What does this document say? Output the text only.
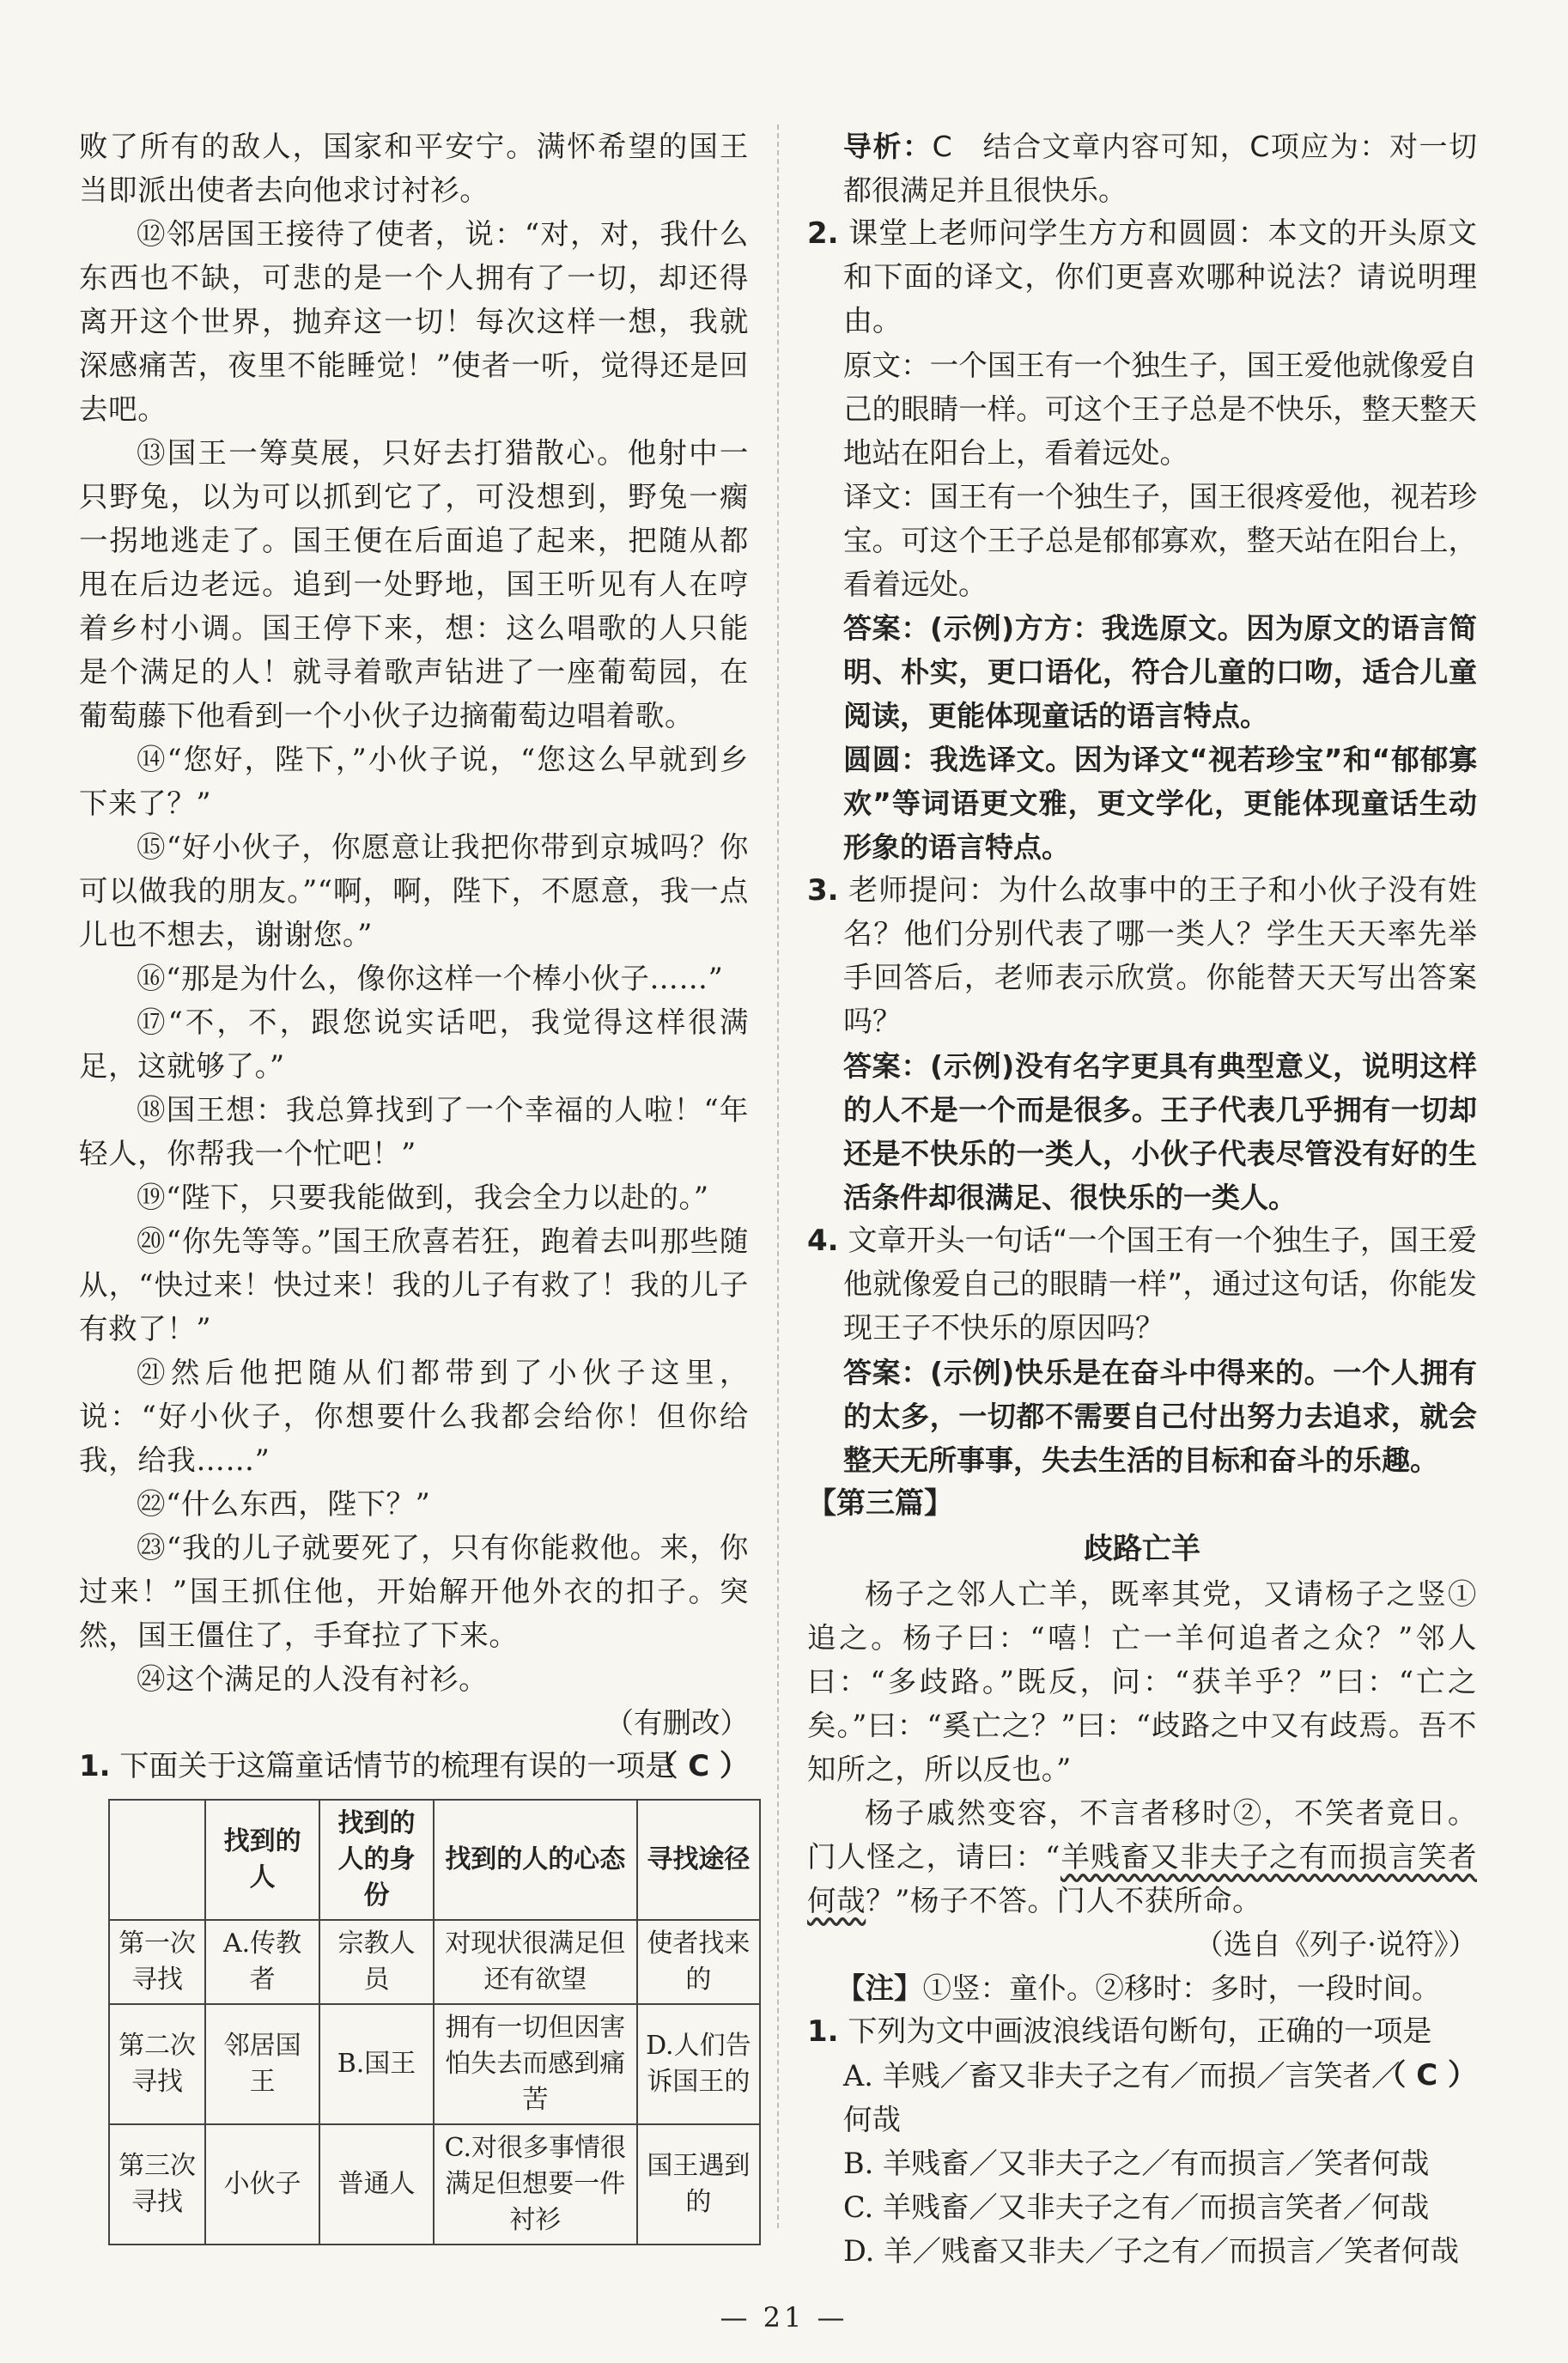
败了所有的敌人，国家和平安宁。满怀希望的国王当即派出使者去向他求讨衬衫。

⑫邻居国王接待了使者，说：“对，对，我什么东西也不缺，可悲的是一个人拥有了一切，却还得离开这个世界，抛弃这一切！每次这样一想，我就深感痛苦，夜里不能睡觉！”使者一听，觉得还是回去吧。

⑬国王一筹莫展，只好去打猎散心。他射中一只野兔，以为可以抓到它了，可没想到，野兔一瘸一拐地逃走了。国王便在后面追了起来，把随从都甩在后边老远。追到一处野地，国王听见有人在哼着乡村小调。国王停下来，想：这么唱歌的人只能是个满足的人！就寻着歌声钻进了一座葡萄园，在葡萄藤下他看到一个小伙子边摘葡萄边唱着歌。

⑭“您好，陛下，”小伙子说，“您这么早就到乡下来了？”

⑮“好小伙子，你愿意让我把你带到京城吗？你可以做我的朋友。”“啊，啊，陛下，不愿意，我一点儿也不想去，谢谢您。”

⑯“那是为什么，像你这样一个棒小伙子……”

⑰“不，不，跟您说实话吧，我觉得这样很满足，这就够了。”

⑱国王想：我总算找到了一个幸福的人啦！“年轻人，你帮我一个忙吧！”

⑲“陛下，只要我能做到，我会全力以赴的。”

⑳“你先等等。”国王欣喜若狂，跑着去叫那些随从，“快过来！快过来！我的儿子有救了！我的儿子有救了！”

㉑然后他把随从们都带到了小伙子这里，说：“好小伙子，你想要什么我都会给你！但你给我，给我……”

㉒“什么东西，陛下？”

㉓“我的儿子就要死了，只有你能救他。来，你过来！”国王抓住他，开始解开他外衣的扣子。突然，国王僵住了，手耷拉了下来。

㉔这个满足的人没有衬衫。

（有删改）

1. 下面关于这篇童话情节的梳理有误的一项是
（ C ）

	找到的人	找到的人的身份	找到的人的心态	寻找途径
第一次寻找	A.传教者	宗教人员	对现状很满足但还有欲望	使者找来的
第二次寻找	邻居国王	B.国王	拥有一切但因害怕失去而感到痛苦	D.人们告诉国王的
第三次寻找	小伙子	普通人	C.对很多事情很满足但想要一件衬衫	国王遇到的

导析：C　结合文章内容可知，C项应为：对一切都很满足并且很快乐。

2. 课堂上老师问学生方方和圆圆：本文的开头原文和下面的译文，你们更喜欢哪种说法？请说明理由。

原文：一个国王有一个独生子，国王爱他就像爱自己的眼睛一样。可这个王子总是不快乐，整天整天地站在阳台上，看着远处。

译文：国王有一个独生子，国王很疼爱他，视若珍宝。可这个王子总是郁郁寡欢，整天站在阳台上，看着远处。

答案：(示例)方方：我选原文。因为原文的语言简明、朴实，更口语化，符合儿童的口吻，适合儿童阅读，更能体现童话的语言特点。

圆圆：我选译文。因为译文“视若珍宝”和“郁郁寡欢”等词语更文雅，更文学化，更能体现童话生动形象的语言特点。

3. 老师提问：为什么故事中的王子和小伙子没有姓名？他们分别代表了哪一类人？学生天天率先举手回答后，老师表示欣赏。你能替天天写出答案吗？

答案：(示例)没有名字更具有典型意义，说明这样的人不是一个而是很多。王子代表几乎拥有一切却还是不快乐的一类人，小伙子代表尽管没有好的生活条件却很满足、很快乐的一类人。

4. 文章开头一句话“一个国王有一个独生子，国王爱他就像爱自己的眼睛一样”，通过这句话，你能发现王子不快乐的原因吗？

答案：(示例)快乐是在奋斗中得来的。一个人拥有的太多，一切都不需要自己付出努力去追求，就会整天无所事事，失去生活的目标和奋斗的乐趣。

【第三篇】

歧路亡羊

杨子之邻人亡羊，既率其党，又请杨子之竖①追之。杨子曰：“嘻！亡一羊何追者之众？”邻人曰：“多歧路。”既反，问：“获羊乎？”曰：“亡之矣。”曰：“奚亡之？”曰：“歧路之中又有歧焉。吾不知所之，所以反也。”

杨子戚然变容，不言者移时②，不笑者竟日。门人怪之，请曰：“羊贱畜又非夫子之有而损言笑者何哉？”杨子不答。门人不获所命。

（选自《列子·说符》）

【注】①竖：童仆。②移时：多时，一段时间。

1. 下列为文中画波浪线语句断句，正确的一项是
（ C ）

A. 羊贱／畜又非夫子之有／而损／言笑者／何哉

B. 羊贱畜／又非夫子之／有而损言／笑者何哉

C. 羊贱畜／又非夫子之有／而损言笑者／何哉

D. 羊／贱畜又非夫／子之有／而损言／笑者何哉

— 21 —
